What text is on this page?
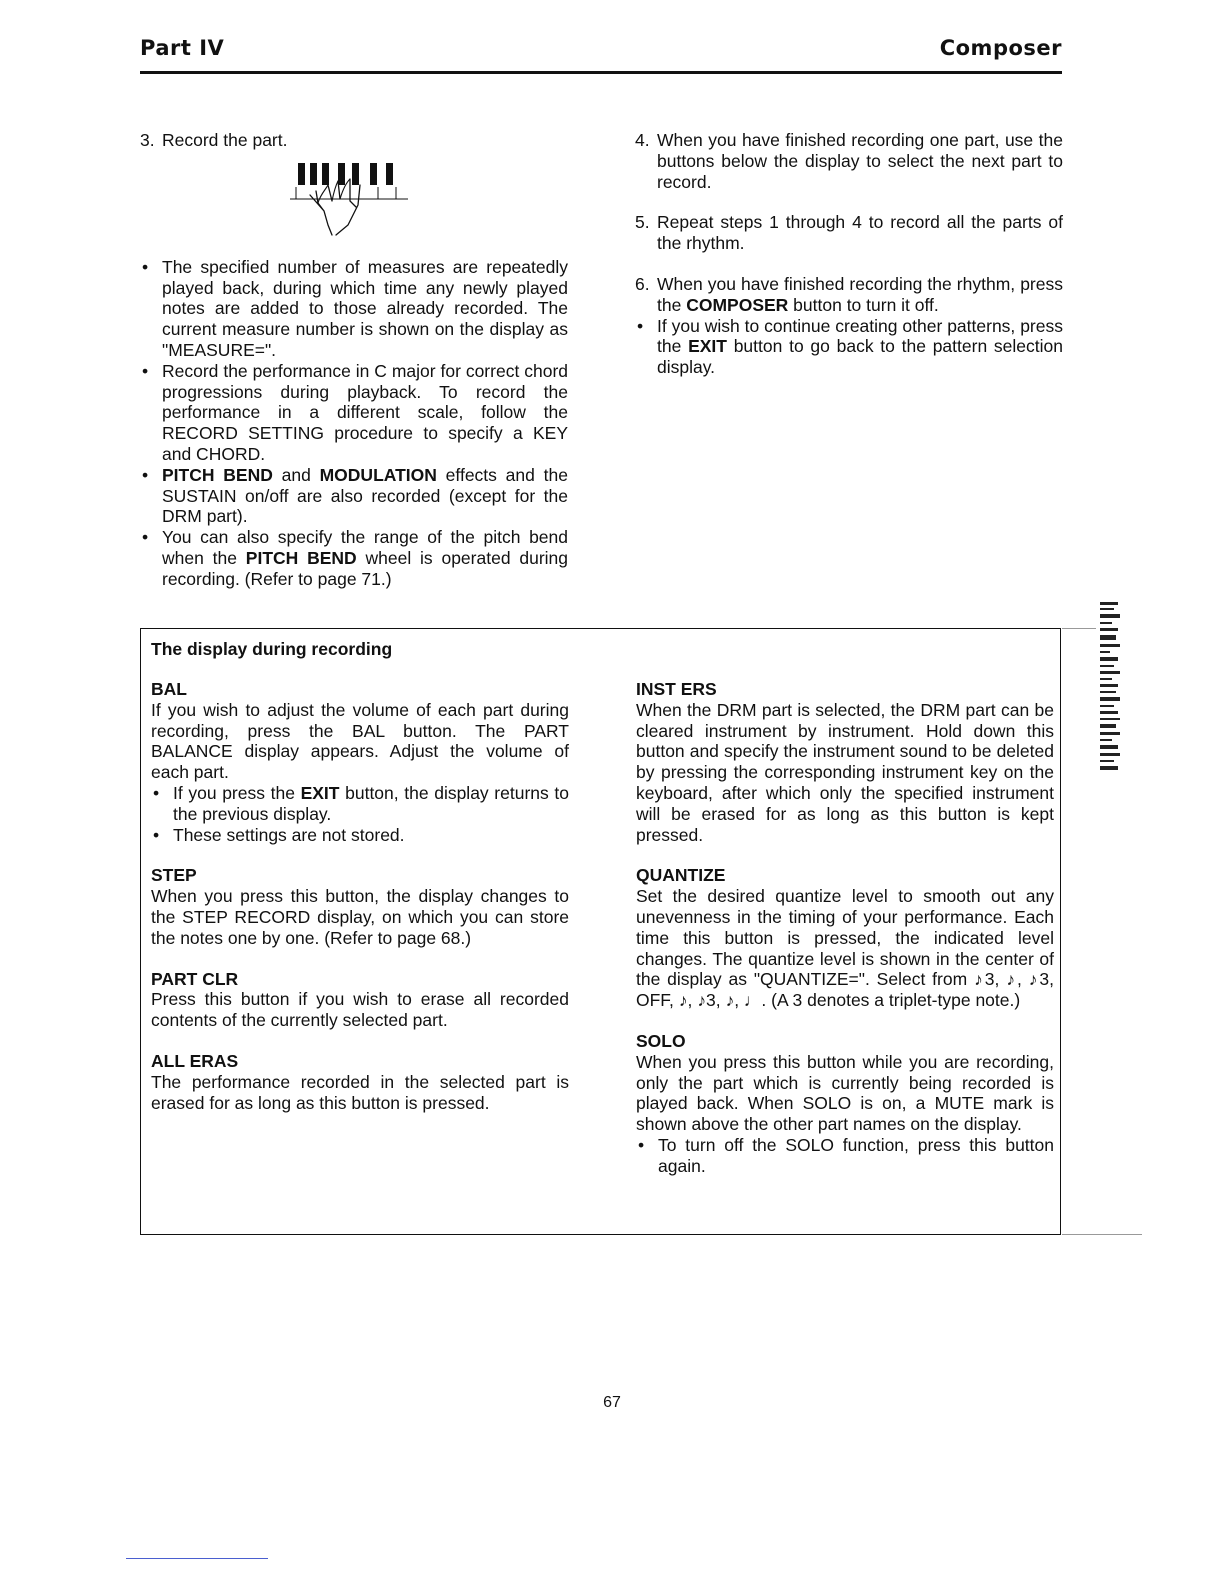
Part IV	Composer
3. Record the part.
• The specified number of measures are repeatedly played back, during which time any newly played notes are added to those already recorded. The current measure number is shown on the display as "MEASURE=".
• Record the performance in C major for correct chord progressions during playback. To record the performance in a different scale, follow the RECORD SETTING procedure to specify a KEY and CHORD.
• PITCH BEND and MODULATION effects and the SUSTAIN on/off are also recorded (except for the DRM part).
• You can also specify the range of the pitch bend when the PITCH BEND wheel is operated during recording. (Refer to page 71.)
4. When you have finished recording one part, use the buttons below the display to select the next part to record.
5. Repeat steps 1 through 4 to record all the parts of the rhythm.
6. When you have finished recording the rhythm, press the COMPOSER button to turn it off.
• If you wish to continue creating other patterns, press the EXIT button to go back to the pattern selection display.
The display during recording
BAL

If you wish to adjust the volume of each part during recording, press the BAL button. The PART BALANCE display appears. Adjust the volume of each part.

• If you press the EXIT button, the display returns to the previous display.
• These settings are not stored.
STEP

When you press this button, the display changes to the STEP RECORD display, on which you can store the notes one by one. (Refer to page 68.)

PART CLR

Press this button if you wish to erase all recorded contents of the currently selected part.

ALL ERAS

The performance recorded in the selected part is erased for as long as this button is pressed.

INST ERS

When the DRM part is selected, the DRM part can be cleared instrument by instrument. Hold down this button and specify the instrument sound to be deleted by pressing the corresponding instrument key on the keyboard, after which only the specified instrument will be erased for as long as this button is kept pressed.

QUANTIZE

Set the desired quantize level to smooth out any unevenness in the timing of your performance. Each time this button is pressed, the indicated level changes. The quantize level is shown in the center of the display as "QUANTIZE=". Select from ♪3, ♪, ♪3, OFF, ♪, ♪3, ♪, ♩. (A 3 denotes a triplet-type note.)

SOLO

When you press this button while you are recording, only the part which is currently being recorded is played back. When SOLO is on, a MUTE mark is shown above the other part names on the display.

• To turn off the SOLO function, press this button again.
67
